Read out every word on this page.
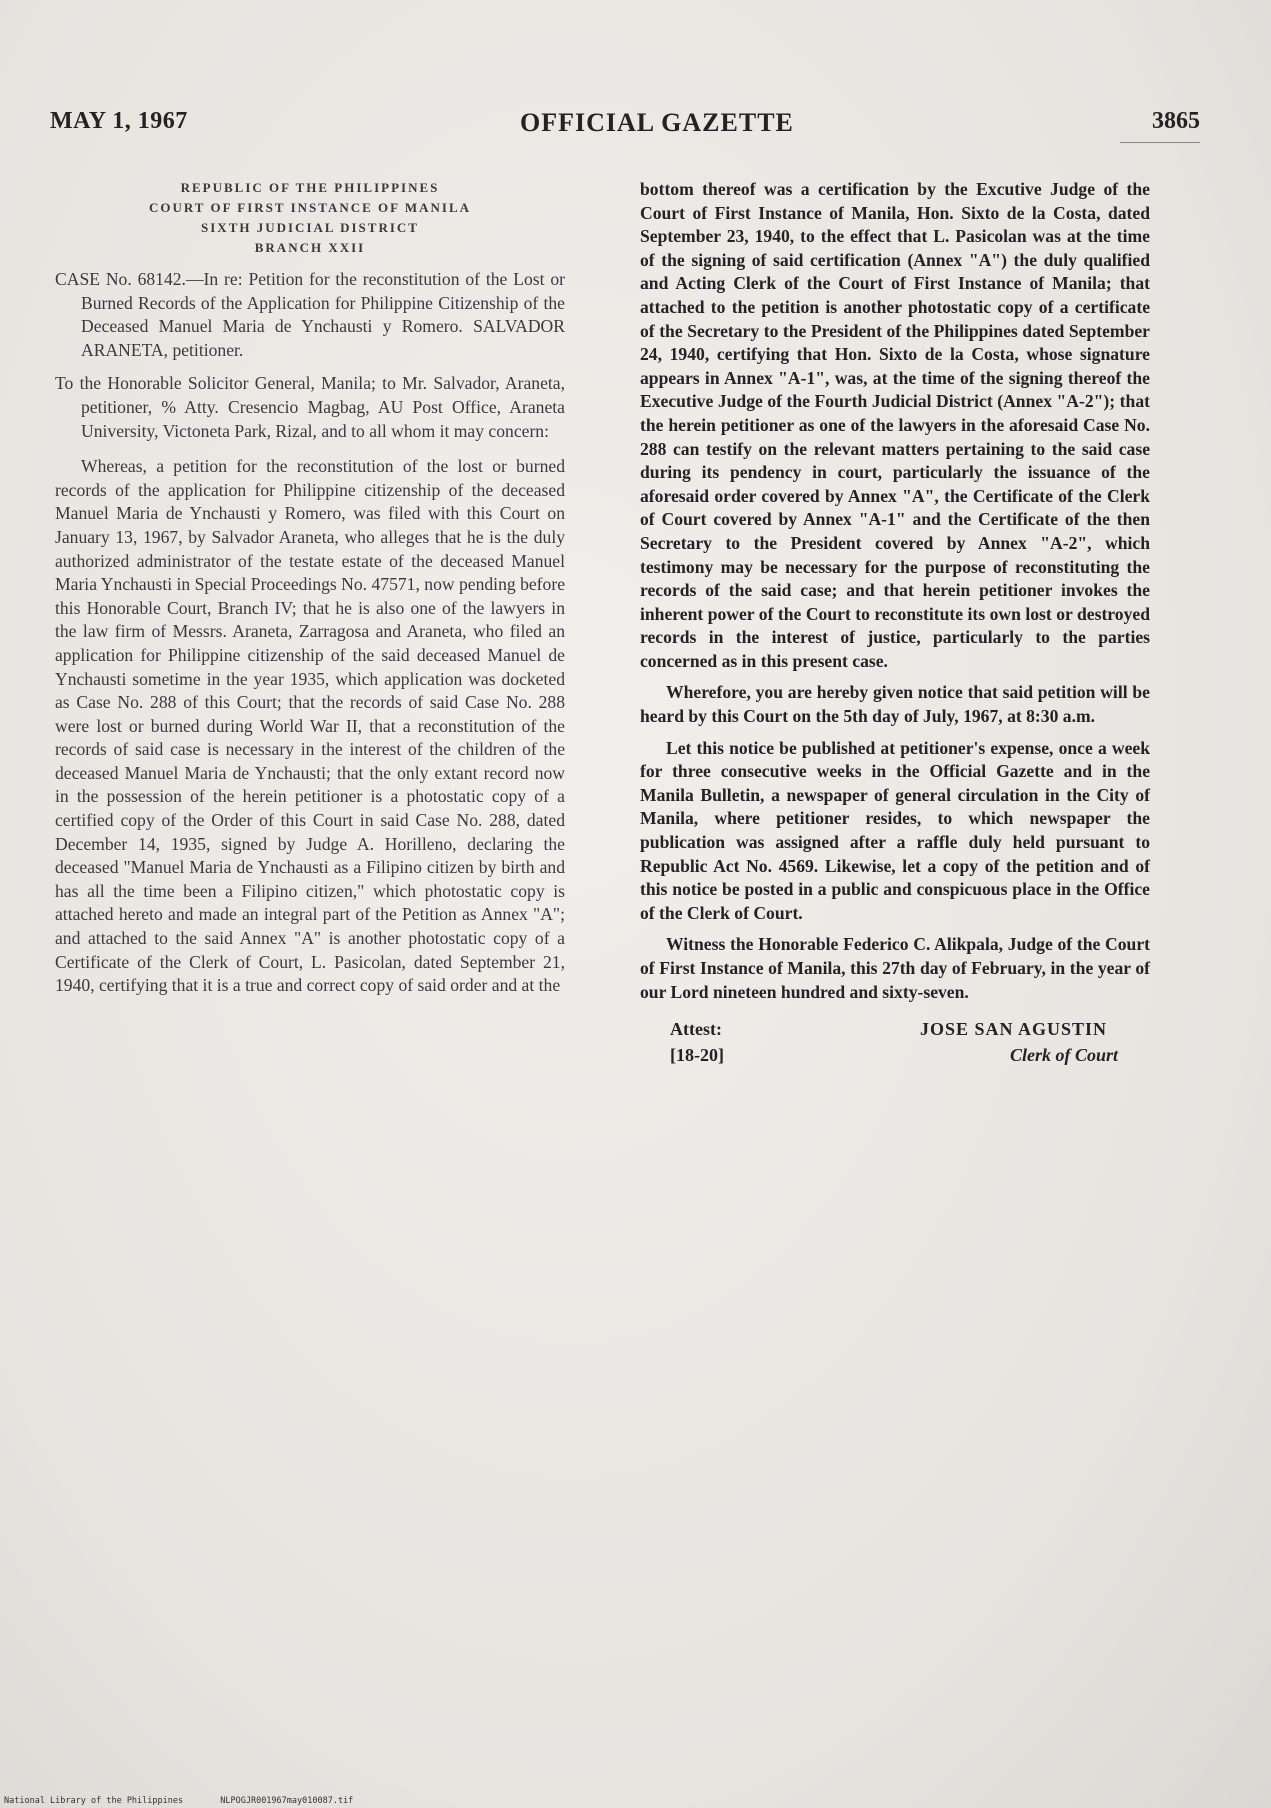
MAY 1, 1967	OFFICIAL GAZETTE	3865
REPUBLIC OF THE PHILIPPINES
COURT OF FIRST INSTANCE OF MANILA
SIXTH JUDICIAL DISTRICT
BRANCH XXII

CASE No. 68142.—In re: Petition for the reconstitution of the Lost or Burned Records of the Application for Philippine Citizenship of the Deceased Manuel Maria de Ynchausti y Romero. SALVADOR ARANETA, petitioner.

To the Honorable Solicitor General, Manila; to Mr. Salvador, Araneta, petitioner, % Atty. Cresencio Magbag, AU Post Office, Araneta University, Victoneta Park, Rizal, and to all whom it may concern:

Whereas, a petition for the reconstitution of the lost or burned records of the application for Philippine citizenship of the deceased Manuel Maria de Ynchausti y Romero, was filed with this Court on January 13, 1967, by Salvador Araneta, who alleges that he is the duly authorized administrator of the testate estate of the deceased Manuel Maria Ynchausti in Special Proceedings No. 47571, now pending before this Honorable Court, Branch IV; that he is also one of the lawyers in the law firm of Messrs. Araneta, Zarragosa and Araneta, who filed an application for Philippine citizenship of the said deceased Manuel de Ynchausti sometime in the year 1935, which application was docketed as Case No. 288 of this Court; that the records of said Case No. 288 were lost or burned during World War II, that a reconstitution of the records of said case is necessary in the interest of the children of the deceased Manuel Maria de Ynchausti; that the only extant record now in the possession of the herein petitioner is a photostatic copy of a certified copy of the Order of this Court in said Case No. 288, dated December 14, 1935, signed by Judge A. Horilleno, declaring the deceased "Manuel Maria de Ynchausti as a Filipino citizen by birth and has all the time been a Filipino citizen," which photostatic copy is attached hereto and made an integral part of the Petition as Annex "A"; and attached to the said Annex "A" is another photostatic copy of a Certificate of the Clerk of Court, L. Pasicolan, dated September 21, 1940, certifying that it is a true and correct copy of said order and at the

bottom thereof was a certification by the Excutive Judge of the Court of First Instance of Manila, Hon. Sixto de la Costa, dated September 23, 1940, to the effect that L. Pasicolan was at the time of the signing of said certification (Annex "A") the duly qualified and Acting Clerk of the Court of First Instance of Manila; that attached to the petition is another photostatic copy of a certificate of the Secretary to the President of the Philippines dated September 24, 1940, certifying that Hon. Sixto de la Costa, whose signature appears in Annex "A-1", was, at the time of the signing thereof the Executive Judge of the Fourth Judicial District (Annex "A-2"); that the herein petitioner as one of the lawyers in the aforesaid Case No. 288 can testify on the relevant matters pertaining to the said case during its pendency in court, particularly the issuance of the aforesaid order covered by Annex "A", the Certificate of the Clerk of Court covered by Annex "A-1" and the Certificate of the then Secretary to the President covered by Annex "A-2", which testimony may be necessary for the purpose of reconstituting the records of the said case; and that herein petitioner invokes the inherent power of the Court to reconstitute its own lost or destroyed records in the interest of justice, particularly to the parties concerned as in this present case.

Wherefore, you are hereby given notice that said petition will be heard by this Court on the 5th day of July, 1967, at 8:30 a.m.

Let this notice be published at petitioner's expense, once a week for three consecutive weeks in the Official Gazette and in the Manila Bulletin, a newspaper of general circulation in the City of Manila, where petitioner resides, to which newspaper the publication was assigned after a raffle duly held pursuant to Republic Act No. 4569. Likewise, let a copy of the petition and of this notice be posted in a public and conspicuous place in the Office of the Clerk of Court.

Witness the Honorable Federico C. Alikpala, Judge of the Court of First Instance of Manila, this 27th day of February, in the year of our Lord nineteen hundred and sixty-seven.

Attest:
[18-20]
JOSE SAN AGUSTIN
Clerk of Court
National Library of the Philippines	NLPOGJR001967may010087.tif
